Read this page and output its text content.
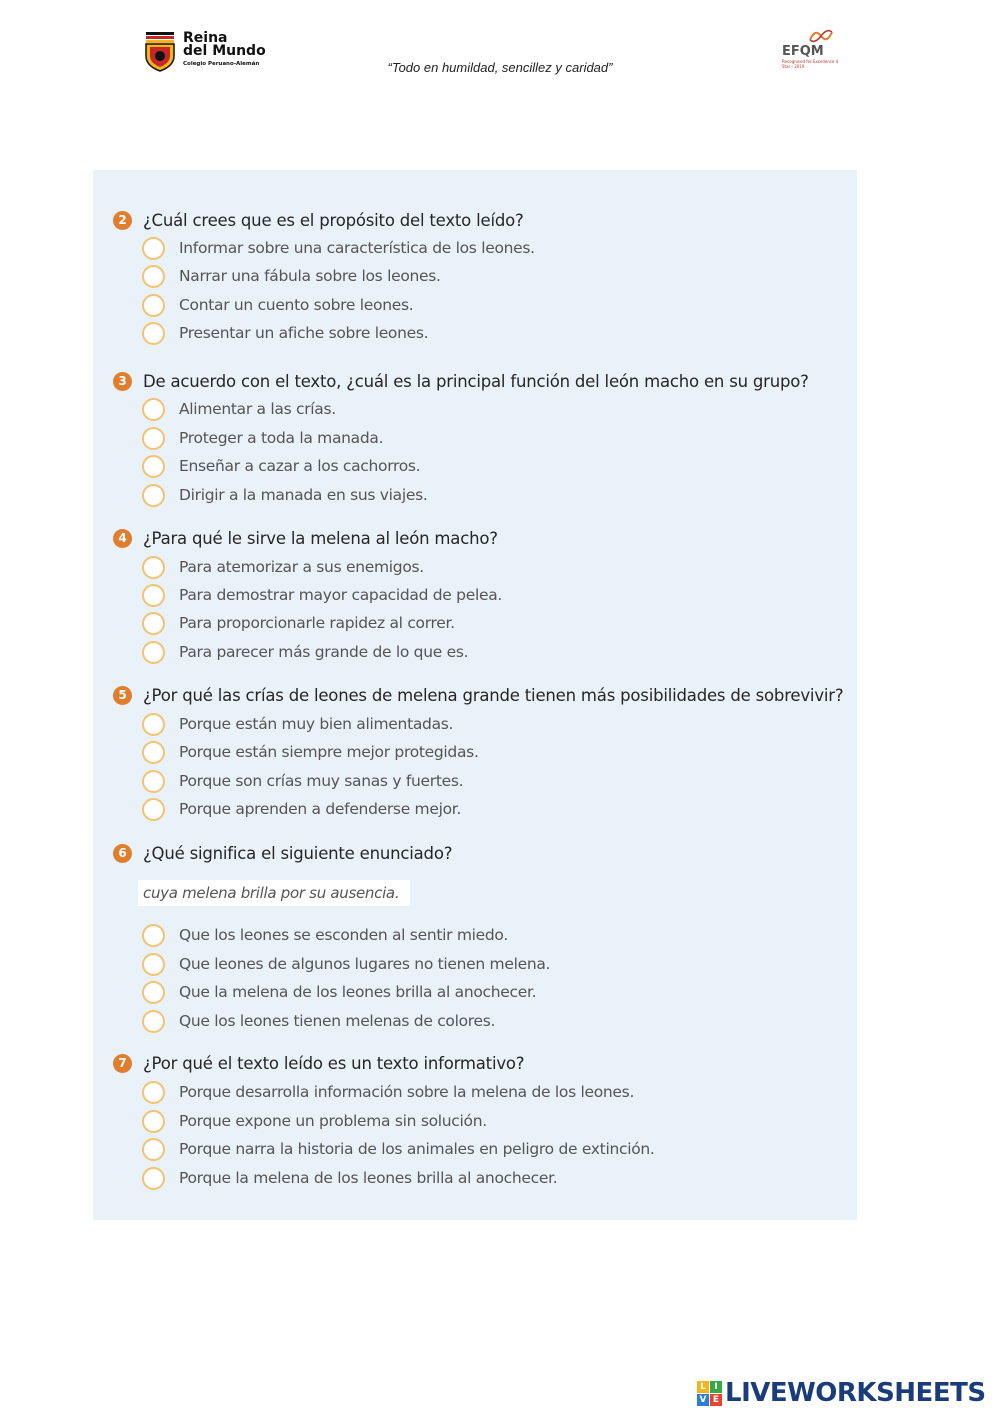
Reina
del Mundo
Colegio Peruano-Alemán	“Todo en humildad, sencillez y caridad”
EFQM
Recognised for Excellence 4 Star - 2019
2 ¿Cuál crees que es el propósito del texto leído?
Informar sobre una característica de los leones.
Narrar una fábula sobre los leones.
Contar un cuento sobre leones.
Presentar un afiche sobre leones.
3 De acuerdo con el texto, ¿cuál es la principal función del león macho en su grupo?
Alimentar a las crías.
Proteger a toda la manada.
Enseñar a cazar a los cachorros.
Dirigir a la manada en sus viajes.
4 ¿Para qué le sirve la melena al león macho?
Para atemorizar a sus enemigos.
Para demostrar mayor capacidad de pelea.
Para proporcionarle rapidez al correr.
Para parecer más grande de lo que es.
5 ¿Por qué las crías de leones de melena grande tienen más posibilidades de sobrevivir?
Porque están muy bien alimentadas.
Porque están siempre mejor protegidas.
Porque son crías muy sanas y fuertes.
Porque aprenden a defenderse mejor.
6 ¿Qué significa el siguiente enunciado?
cuya melena brilla por su ausencia.
Que los leones se esconden al sentir miedo.
Que leones de algunos lugares no tienen melena.
Que la melena de los leones brilla al anochecer.
Que los leones tienen melenas de colores.
7 ¿Por qué el texto leído es un texto informativo?
Porque desarrolla información sobre la melena de los leones.
Porque expone un problema sin solución.
Porque narra la historia de los animales en peligro de extinción.
Porque la melena de los leones brilla al anochecer.
L I
V E LIVEWORKSHEETS
